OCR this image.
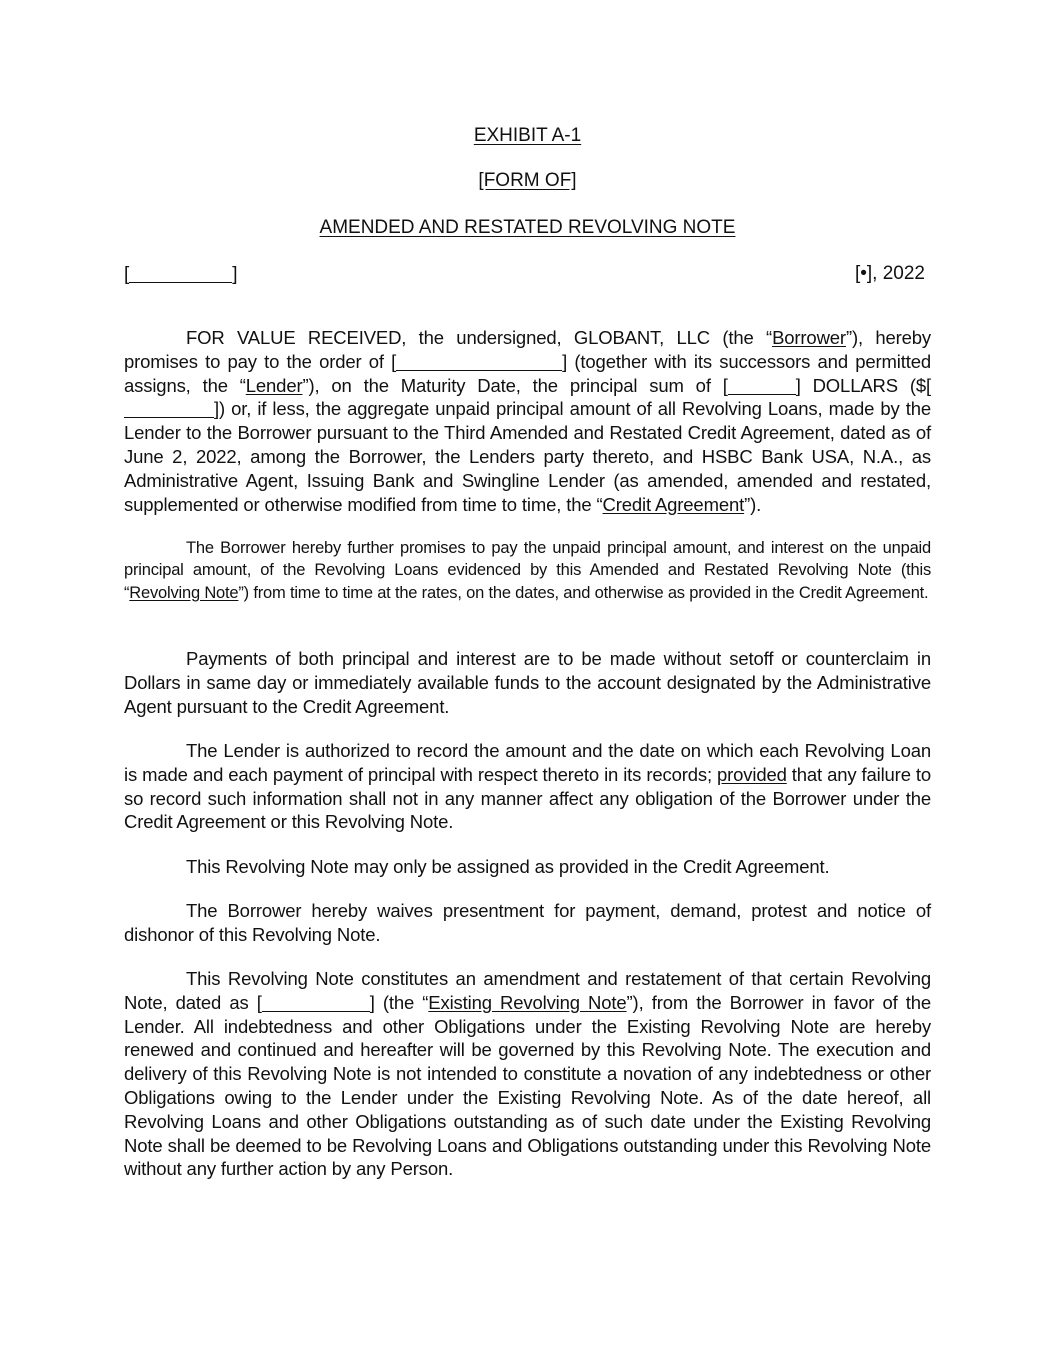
EXHIBIT A-1
[FORM OF]
AMENDED AND RESTATED REVOLVING NOTE
[	]	[•], 2022
FOR VALUE RECEIVED, the undersigned, GLOBANT, LLC (the “Borrower”), hereby promises to pay to the order of [	] (together with its successors and permitted assigns, the “Lender”), on the Maturity Date, the principal sum of [	] DOLLARS ($[]) or, if less, the aggregate unpaid principal amount of all Revolving Loans, made by the Lender to the Borrower pursuant to the Third Amended and Restated Credit Agreement, dated as of June 2, 2022, among the Borrower, the Lenders party thereto, and HSBC Bank USA, N.A., as Administrative Agent, Issuing Bank and Swingline Lender (as amended, amended and restated, supplemented or otherwise modified from time to time, the “Credit Agreement”).
The Borrower hereby further promises to pay the unpaid principal amount, and interest on the unpaid principal amount, of the Revolving Loans evidenced by this Amended and Restated Revolving Note (this “Revolving Note”) from time to time at the rates, on the dates, and otherwise as provided in the Credit Agreement.
Payments of both principal and interest are to be made without setoff or counterclaim in Dollars in same day or immediately available funds to the account designated by the Administrative Agent pursuant to the Credit Agreement.
The Lender is authorized to record the amount and the date on which each Revolving Loan is made and each payment of principal with respect thereto in its records; provided that any failure to so record such information shall not in any manner affect any obligation of the Borrower under the Credit Agreement or this Revolving Note.
This Revolving Note may only be assigned as provided in the Credit Agreement.
The Borrower hereby waives presentment for payment, demand, protest and notice of dishonor of this Revolving Note.
This Revolving Note constitutes an amendment and restatement of that certain Revolving Note, dated as [	] (the “Existing Revolving Note”), from the Borrower in favor of the Lender. All indebtedness and other Obligations under the Existing Revolving Note are hereby renewed and continued and hereafter will be governed by this Revolving Note. The execution and delivery of this Revolving Note is not intended to constitute a novation of any indebtedness or other Obligations owing to the Lender under the Existing Revolving Note. As of the date hereof, all Revolving Loans and other Obligations outstanding as of such date under the Existing Revolving Note shall be deemed to be Revolving Loans and Obligations outstanding under this Revolving Note without any further action by any Person.
